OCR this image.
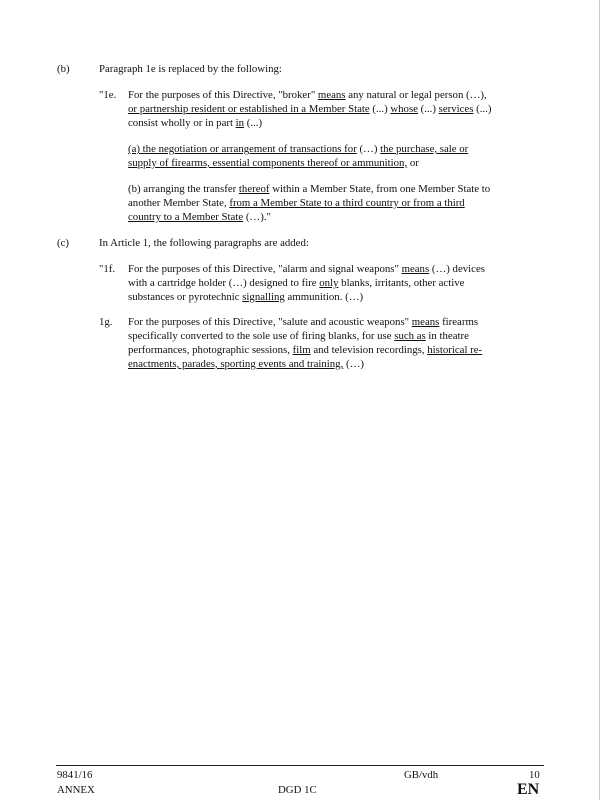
(b)	Paragraph 1e is replaced by the following:
"1e. For the purposes of this Directive, "broker" means any natural or legal person (…),
or partnership resident or established in a Member State (...) whose (...) services (...)
consist wholly or in part in (...)
(a) the negotiation or arrangement of transactions for (…) the purchase, sale or
supply of firearms, essential components thereof or ammunition, or
(b) arranging the transfer thereof within a Member State, from one Member State to
another Member State, from a Member State to a third country or from a third
country to a Member State (…)."
(c)	In Article 1, the following paragraphs are added:
"1f. For the purposes of this Directive, "alarm and signal weapons" means (…) devices
with a cartridge holder (…) designed to fire only blanks, irritants, other active
substances or pyrotechnic signalling ammunition. (…)
1g. For the purposes of this Directive, "salute and acoustic weapons" means firearms
specifically converted to the sole use of firing blanks, for use such as in theatre
performances, photographic sessions, film and television recordings, historical re-
enactments, parades, sporting events and training, (…)
9841/16	GB/vdh	10
ANNEX	DGD 1C	EN
